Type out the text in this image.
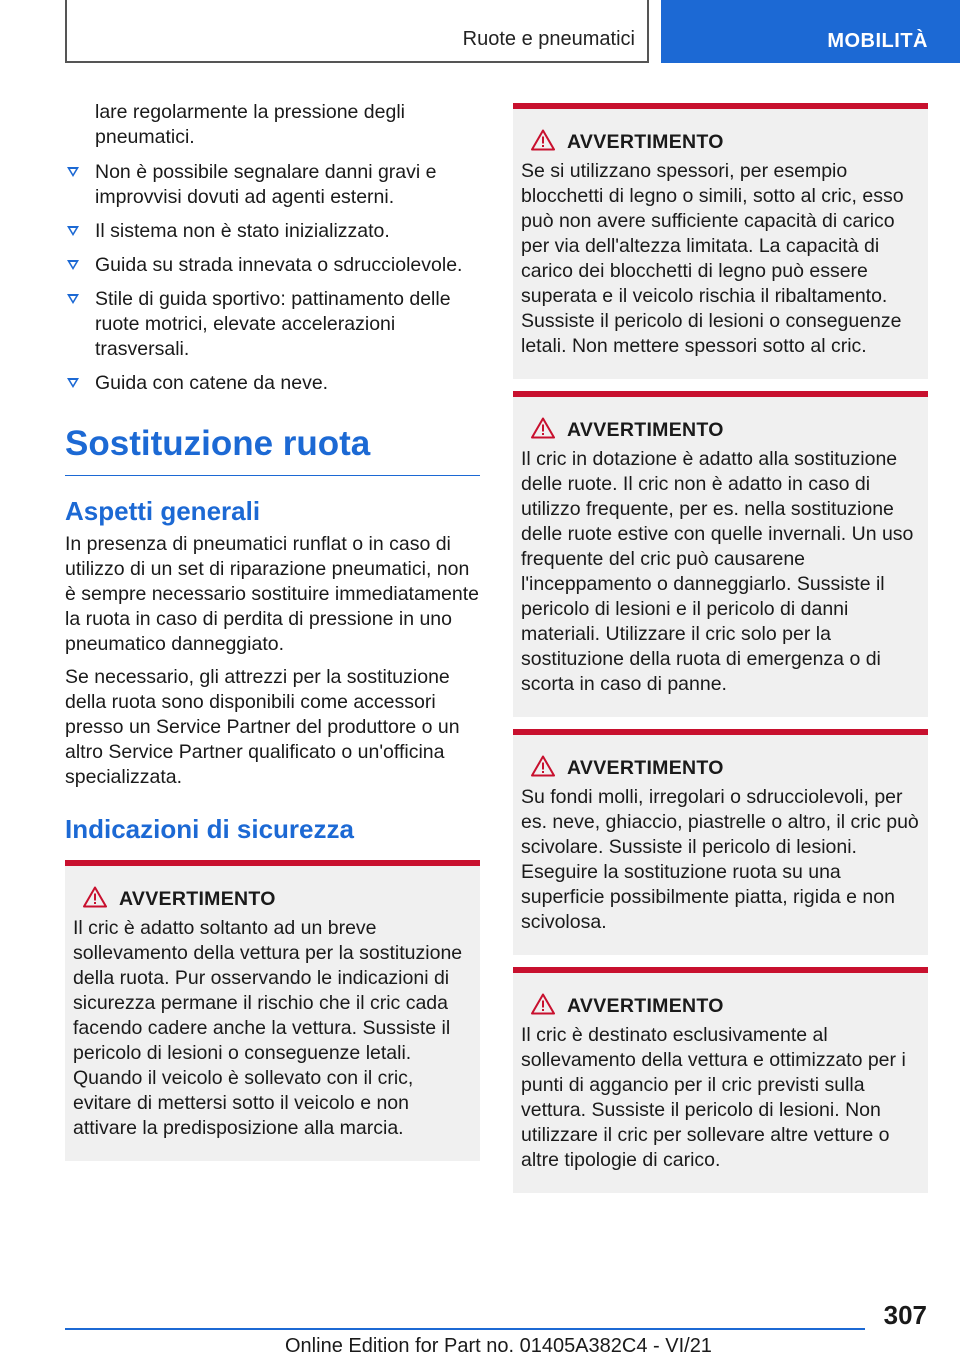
Ruote e pneumatici	MOBILITÀ

lare regolarmente la pressione degli pneumatici.

Non è possibile segnalare danni gravi e improvvisi dovuti ad agenti esterni.
Il sistema non è stato inizializzato.
Guida su strada innevata o sdrucciolevole.
Stile di guida sportivo: pattinamento delle ruote motrici, elevate accelerazioni trasversali.
Guida con catene da neve.
Sostituzione ruota
Aspetti generali

In presenza di pneumatici runflat o in caso di utilizzo di un set di riparazione pneumatici, non è sempre necessario sostituire immediatamente la ruota in caso di perdita di pressione in uno pneumatico danneggiato.

Se necessario, gli attrezzi per la sostituzione della ruota sono disponibili come accessori presso un Service Partner del produttore o un altro Service Partner qualificato o un'officina specializzata.

Indicazioni di sicurezza
AVVERTIMENTO

Il cric è adatto soltanto ad un breve sollevamento della vettura per la sostituzione della ruota. Pur osservando le indicazioni di sicurezza permane il rischio che il cric cada facendo cadere anche la vettura. Sussiste il pericolo di lesioni o conseguenze letali. Quando il veicolo è sollevato con il cric, evitare di mettersi sotto il veicolo e non attivare la predisposizione alla marcia.

AVVERTIMENTO

Se si utilizzano spessori, per esempio blocchetti di legno o simili, sotto al cric, esso può non avere sufficiente capacità di carico per via dell'altezza limitata. La capacità di carico dei blocchetti di legno può essere superata e il veicolo rischia il ribaltamento. Sussiste il pericolo di lesioni o conseguenze letali. Non mettere spessori sotto al cric.

AVVERTIMENTO

Il cric in dotazione è adatto alla sostituzione delle ruote. Il cric non è adatto in caso di utilizzo frequente, per es. nella sostituzione delle ruote estive con quelle invernali. Un uso frequente del cric può causarene l'inceppamento o danneggiarlo. Sussiste il pericolo di lesioni e il pericolo di danni materiali. Utilizzare il cric solo per la sostituzione della ruota di emergenza o di scorta in caso di panne.

AVVERTIMENTO

Su fondi molli, irregolari o sdrucciolevoli, per es. neve, ghiaccio, piastrelle o altro, il cric può scivolare. Sussiste il pericolo di lesioni. Eseguire la sostituzione ruota su una superficie possibilmente piatta, rigida e non scivolosa.

AVVERTIMENTO

Il cric è destinato esclusivamente al sollevamento della vettura e ottimizzato per i punti di aggancio per il cric previsti sulla vettura. Sussiste il pericolo di lesioni. Non utilizzare il cric per sollevare altre vetture o altre tipologie di carico.

307
Online Edition for Part no. 01405A382C4 - VI/21
